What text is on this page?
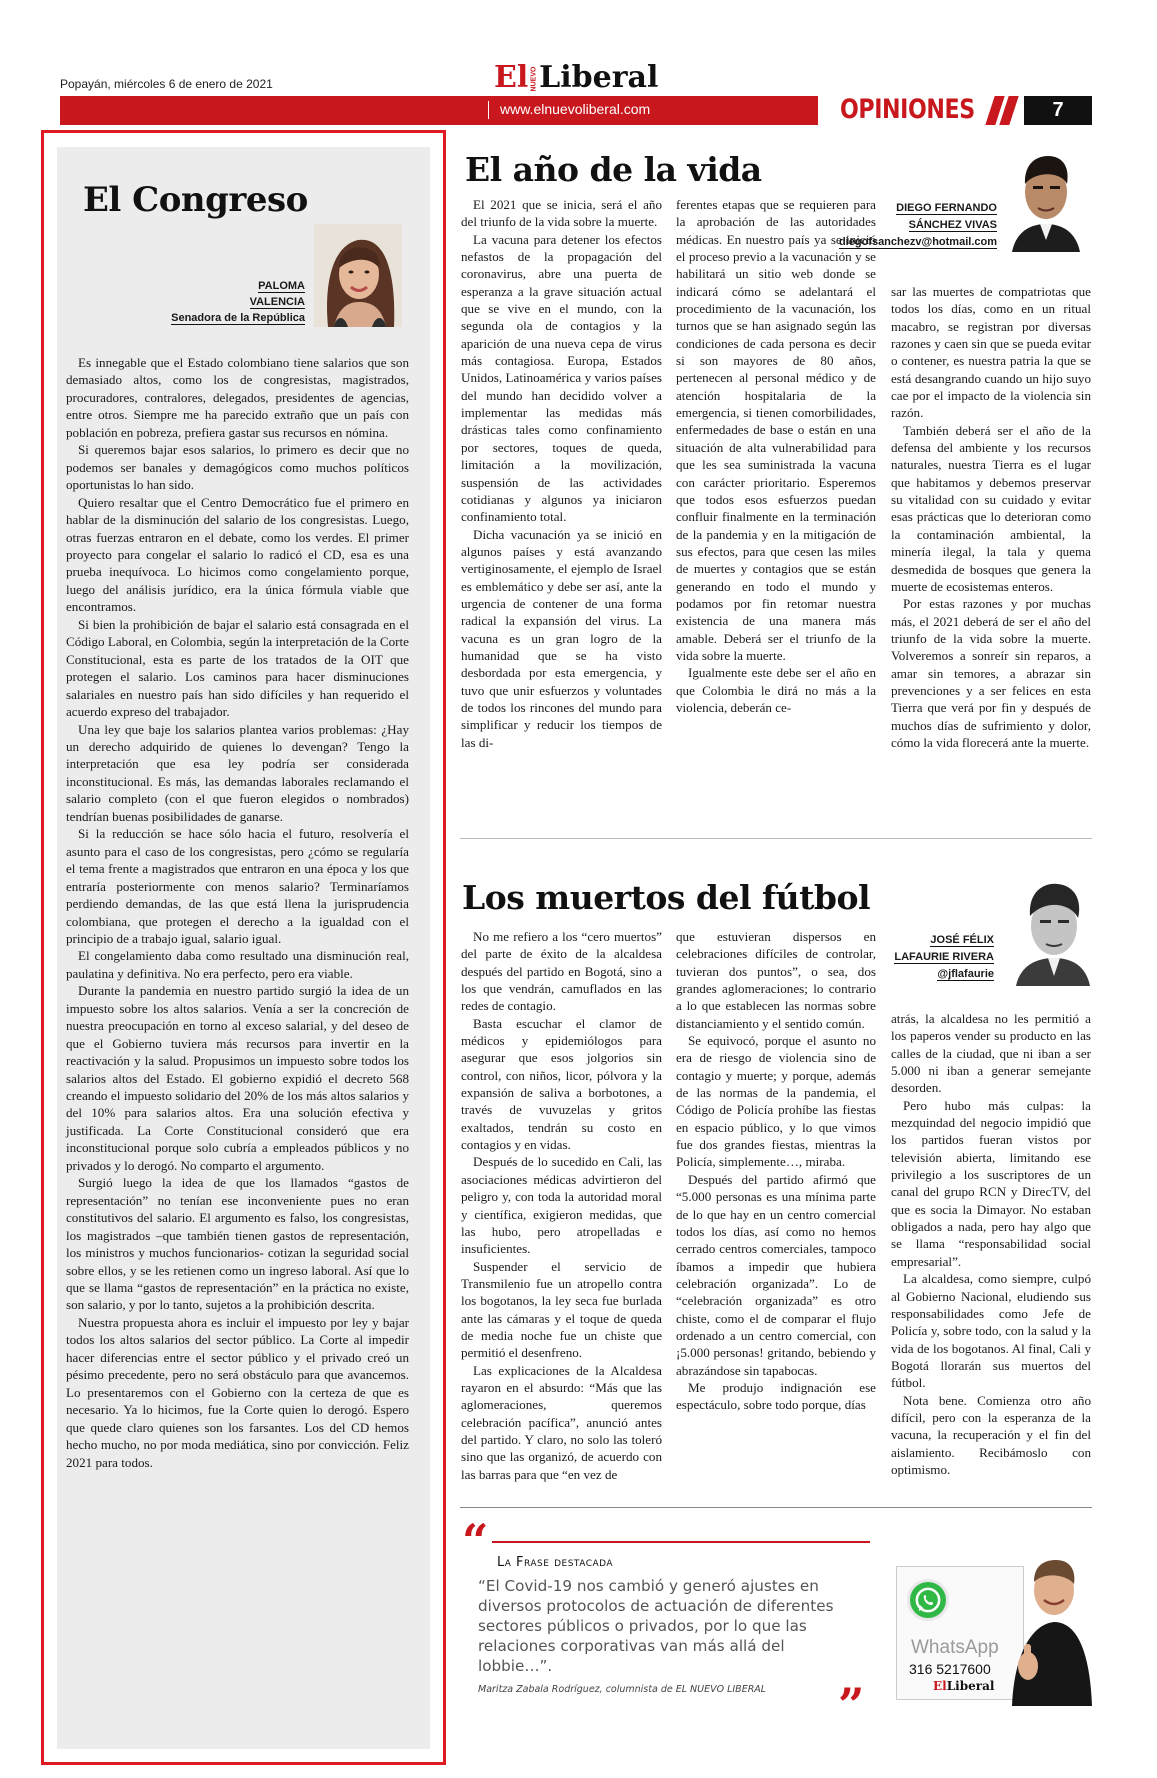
Popayán, miércoles 6 de enero de 2021	El NUEVOLiberal
www.elnuevoliberal.com	OPINIONES	7
El Congreso
PALOMA
VALENCIA
Senadora de la República

Es innegable que el Estado colombiano tiene salarios que son demasiado altos, como los de congresistas, magistrados, procuradores, contralores, delegados, presidentes de agencias, entre otros. Siempre me ha parecido extraño que un país con población en pobreza, prefiera gastar sus recursos en nómina.

Si queremos bajar esos salarios, lo primero es decir que no podemos ser banales y demagógicos como muchos políticos oportunistas lo han sido.

Quiero resaltar que el Centro Democrático fue el primero en hablar de la disminución del salario de los congresistas. Luego, otras fuerzas entraron en el debate, como los verdes. El primer proyecto para congelar el salario lo radicó el CD, esa es una prueba inequívoca. Lo hicimos como congelamiento porque, luego del análisis jurídico, era la única fórmula viable que encontramos.

Si bien la prohibición de bajar el salario está consagrada en el Código Laboral, en Colombia, según la interpretación de la Corte Constitucional, esta es parte de los tratados de la OIT que protegen el salario. Los caminos para hacer disminuciones salariales en nuestro país han sido difíciles y han requerido el acuerdo expreso del trabajador.

Una ley que baje los salarios plantea varios problemas: ¿Hay un derecho adquirido de quienes lo devengan? Tengo la interpretación que esa ley podría ser considerada inconstitucional. Es más, las demandas laborales reclamando el salario completo (con el que fueron elegidos o nombrados) tendrían buenas posibilidades de ganarse.

Si la reducción se hace sólo hacia el futuro, resolvería el asunto para el caso de los congresistas, pero ¿cómo se regularía el tema frente a magistrados que entraron en una época y los que entraría posteriormente con menos salario? Terminaríamos perdiendo demandas, de las que está llena la jurisprudencia colombiana, que protegen el derecho a la igualdad con el principio de a trabajo igual, salario igual.

El congelamiento daba como resultado una disminución real, paulatina y definitiva. No era perfecto, pero era viable.

Durante la pandemia en nuestro partido surgió la idea de un impuesto sobre los altos salarios. Venía a ser la concreción de nuestra preocupación en torno al exceso salarial, y del deseo de que el Gobierno tuviera más recursos para invertir en la reactivación y la salud. Propusimos un impuesto sobre todos los salarios altos del Estado. El gobierno expidió el decreto 568 creando el impuesto solidario del 20% de los más altos salarios y del 10% para salarios altos. Era una solución efectiva y justificada. La Corte Constitucional consideró que era inconstitucional porque solo cubría a empleados públicos y no privados y lo derogó. No comparto el argumento.

Surgió luego la idea de que los llamados “gastos de representación” no tenían ese inconveniente pues no eran constitutivos del salario. El argumento es falso, los congresistas, los magistrados –que también tienen gastos de representación, los ministros y muchos funcionarios- cotizan la seguridad social sobre ellos, y se les retienen como un ingreso laboral. Así que lo que se llama “gastos de representación” en la práctica no existe, son salario, y por lo tanto, sujetos a la prohibición descrita.

Nuestra propuesta ahora es incluir el impuesto por ley y bajar todos los altos salarios del sector público. La Corte al impedir hacer diferencias entre el sector público y el privado creó un pésimo precedente, pero no será obstáculo para que avancemos. Lo presentaremos con el Gobierno con la certeza de que es necesario. Ya lo hicimos, fue la Corte quien lo derogó. Espero que quede claro quienes son los farsantes. Los del CD hemos hecho mucho, no por moda mediática, sino por convicción. Feliz 2021 para todos.

El año de la vida
DIEGO FERNANDO
SÁNCHEZ VIVAS
diegofsanchezv@hotmail.com

El 2021 que se inicia, será el año del triunfo de la vida sobre la muerte.

La vacuna para detener los efectos nefastos de la propagación del coronavirus, abre una puerta de esperanza a la grave situación actual que se vive en el mundo, con la segunda ola de contagios y la aparición de una nueva cepa de virus más contagiosa. Europa, Estados Unidos, Latinoamérica y varios países del mundo han decidido volver a implementar las medidas más drásticas tales como confinamiento por sectores, toques de queda, limitación a la movilización, suspensión de las actividades cotidianas y algunos ya iniciaron confinamiento total.

Dicha vacunación ya se inició en algunos países y está avanzando vertiginosamente, el ejemplo de Israel es emblemático y debe ser así, ante la urgencia de contener de una forma radical la expansión del virus. La vacuna es un gran logro de la humanidad que se ha visto desbordada por esta emergencia, y tuvo que unir esfuerzos y voluntades de todos los rincones del mundo para simplificar y reducir los tiempos de las di-

ferentes etapas que se requieren para la aprobación de las autoridades médicas. En nuestro país ya se inició el proceso previo a la vacunación y se habilitará un sitio web donde se indicará cómo se adelantará el procedimiento de la vacunación, los turnos que se han asignado según las condiciones de cada persona es decir si son mayores de 80 años, pertenecen al personal médico y de atención hospitalaria de la emergencia, si tienen comorbilidades, enfermedades de base o están en una situación de alta vulnerabilidad para que les sea suministrada la vacuna con carácter prioritario. Esperemos que todos esos esfuerzos puedan confluir finalmente en la terminación de la pandemia y en la mitigación de sus efectos, para que cesen las miles de muertes y contagios que se están generando en todo el mundo y podamos por fin retomar nuestra existencia de una manera más amable. Deberá ser el triunfo de la vida sobre la muerte.

Igualmente este debe ser el año en que Colombia le dirá no más a la violencia, deberán ce-

sar las muertes de compatriotas que todos los días, como en un ritual macabro, se registran por diversas razones y caen sin que se pueda evitar o contener, es nuestra patria la que se está desangrando cuando un hijo suyo cae por el impacto de la violencia sin razón.

También deberá ser el año de la defensa del ambiente y los recursos naturales, nuestra Tierra es el lugar que habitamos y debemos preservar su vitalidad con su cuidado y evitar esas prácticas que lo deterioran como la contaminación ambiental, la minería ilegal, la tala y quema desmedida de bosques que genera la muerte de ecosistemas enteros.

Por estas razones y por muchas más, el 2021 deberá de ser el año del triunfo de la vida sobre la muerte. Volveremos a sonreír sin reparos, a amar sin temores, a abrazar sin prevenciones y a ser felices en esta Tierra que verá por fin y después de muchos días de sufrimiento y dolor, cómo la vida florecerá ante la muerte.

Los muertos del fútbol
JOSÉ FÉLIX
LAFAURIE RIVERA
@jflafaurie

No me refiero a los “cero muertos” del parte de éxito de la alcaldesa después del partido en Bogotá, sino a los que vendrán, camuflados en las redes de contagio.

Basta escuchar el clamor de médicos y epidemiólogos para asegurar que esos jolgorios sin control, con niños, licor, pólvora y la expansión de saliva a borbotones, a través de vuvuzelas y gritos exaltados, tendrán su costo en contagios y en vidas.

Después de lo sucedido en Cali, las asociaciones médicas advirtieron del peligro y, con toda la autoridad moral y científica, exigieron medidas, que las hubo, pero atropelladas e insuficientes.

Suspender el servicio de Transmilenio fue un atropello contra los bogotanos, la ley seca fue burlada ante las cámaras y el toque de queda de media noche fue un chiste que permitió el desenfreno.

Las explicaciones de la Alcaldesa rayaron en el absurdo: “Más que las aglomeraciones, queremos celebración pacífica”, anunció antes del partido. Y claro, no solo las toleró sino que las organizó, de acuerdo con las barras para que “en vez de

que estuvieran dispersos en celebraciones difíciles de controlar, tuvieran dos puntos”, o sea, dos grandes aglomeraciones; lo contrario a lo que establecen las normas sobre distanciamiento y el sentido común.

Se equivocó, porque el asunto no era de riesgo de violencia sino de contagio y muerte; y porque, además de las normas de la pandemia, el Código de Policía prohíbe las fiestas en espacio público, y lo que vimos fue dos grandes fiestas, mientras la Policía, simplemente…, miraba.

Después del partido afirmó que “5.000 personas es una mínima parte de lo que hay en un centro comercial todos los días, así como no hemos cerrado centros comerciales, tampoco íbamos a impedir que hubiera celebración organizada”. Lo de “celebración organizada” es otro chiste, como el de comparar el flujo ordenado a un centro comercial, con ¡5.000 personas! gritando, bebiendo y abrazándose sin tapabocas.

Me produjo indignación ese espectáculo, sobre todo porque, días

atrás, la alcaldesa no les permitió a los paperos vender su producto en las calles de la ciudad, que ni iban a ser 5.000 ni iban a generar semejante desorden.

Pero hubo más culpas: la mezquindad del negocio impidió que los partidos fueran vistos por televisión abierta, limitando ese privilegio a los suscriptores de un canal del grupo RCN y DirecTV, del que es socia la Dimayor. No estaban obligados a nada, pero hay algo que se llama “responsabilidad social empresarial”.

La alcaldesa, como siempre, culpó al Gobierno Nacional, eludiendo sus responsabilidades como Jefe de Policía y, sobre todo, con la salud y la vida de los bogotanos. Al final, Cali y Bogotá llorarán sus muertos del fútbol.

Nota bene. Comienza otro año difícil, pero con la esperanza de la vacuna, la recuperación y el fin del aislamiento. Recibámoslo con optimismo.

“ La Frase destacada
“El Covid-19 nos cambió y generó ajustes en diversos protocolos de actuación de diferentes sectores públicos o privados, por lo que las relaciones corporativas van más allá del lobbie…”.
Maritza Zabala Rodríguez, columnista de EL NUEVO LIBERAL ”
WhatsApp
316 5217600
ElLiberal
